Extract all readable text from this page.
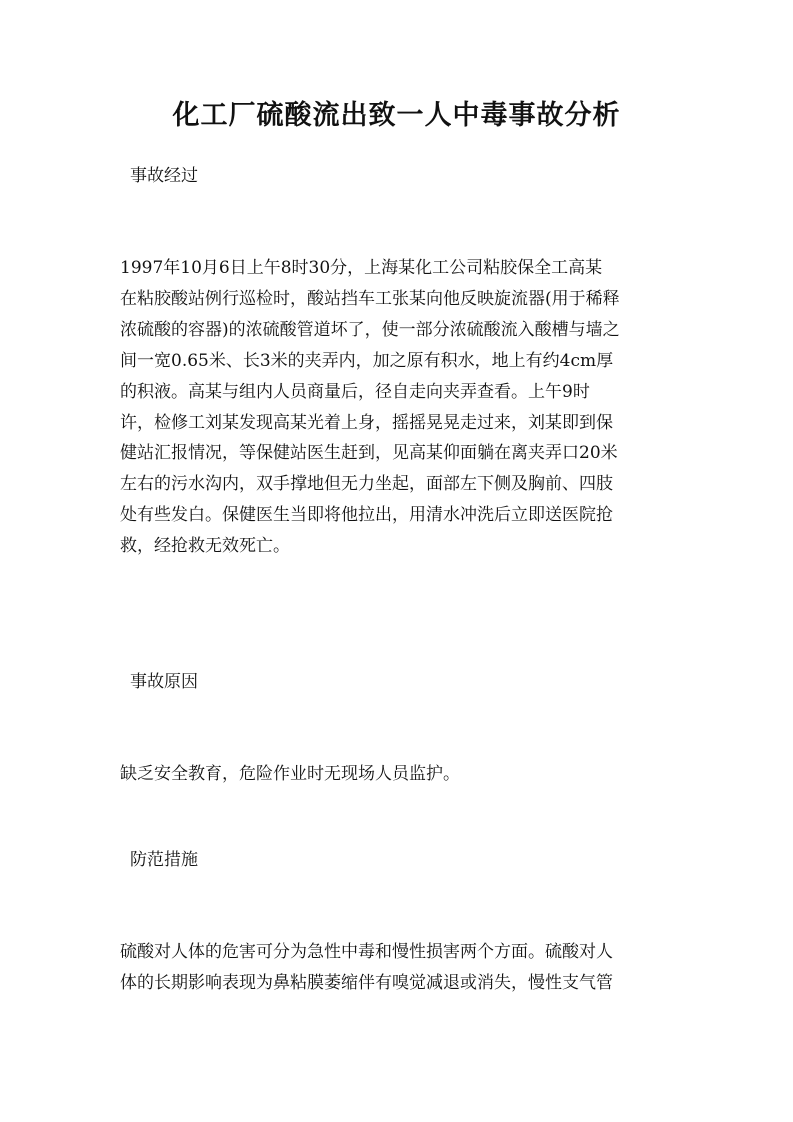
化工厂硫酸流出致一人中毒事故分析
事故经过
1997年10月6日上午8时30分，上海某化工公司粘胶保全工高某
在粘胶酸站例行巡检时，酸站挡车工张某向他反映旋流器(用于稀释
浓硫酸的容器)的浓硫酸管道坏了，使一部分浓硫酸流入酸槽与墙之
间一宽0.65米、长3米的夹弄内，加之原有积水，地上有约4cm厚
的积液。高某与组内人员商量后，径自走向夹弄查看。上午9时
许，检修工刘某发现高某光着上身，摇摇晃晃走过来，刘某即到保
健站汇报情况，等保健站医生赶到，见高某仰面躺在离夹弄口20米
左右的污水沟内，双手撑地但无力坐起，面部左下侧及胸前、四肢
处有些发白。保健医生当即将他拉出，用清水冲洗后立即送医院抢
救，经抢救无效死亡。
事故原因
缺乏安全教育，危险作业时无现场人员监护。
防范措施
硫酸对人体的危害可分为急性中毒和慢性损害两个方面。硫酸对人
体的长期影响表现为鼻粘膜萎缩伴有嗅觉减退或消失，慢性支气管
